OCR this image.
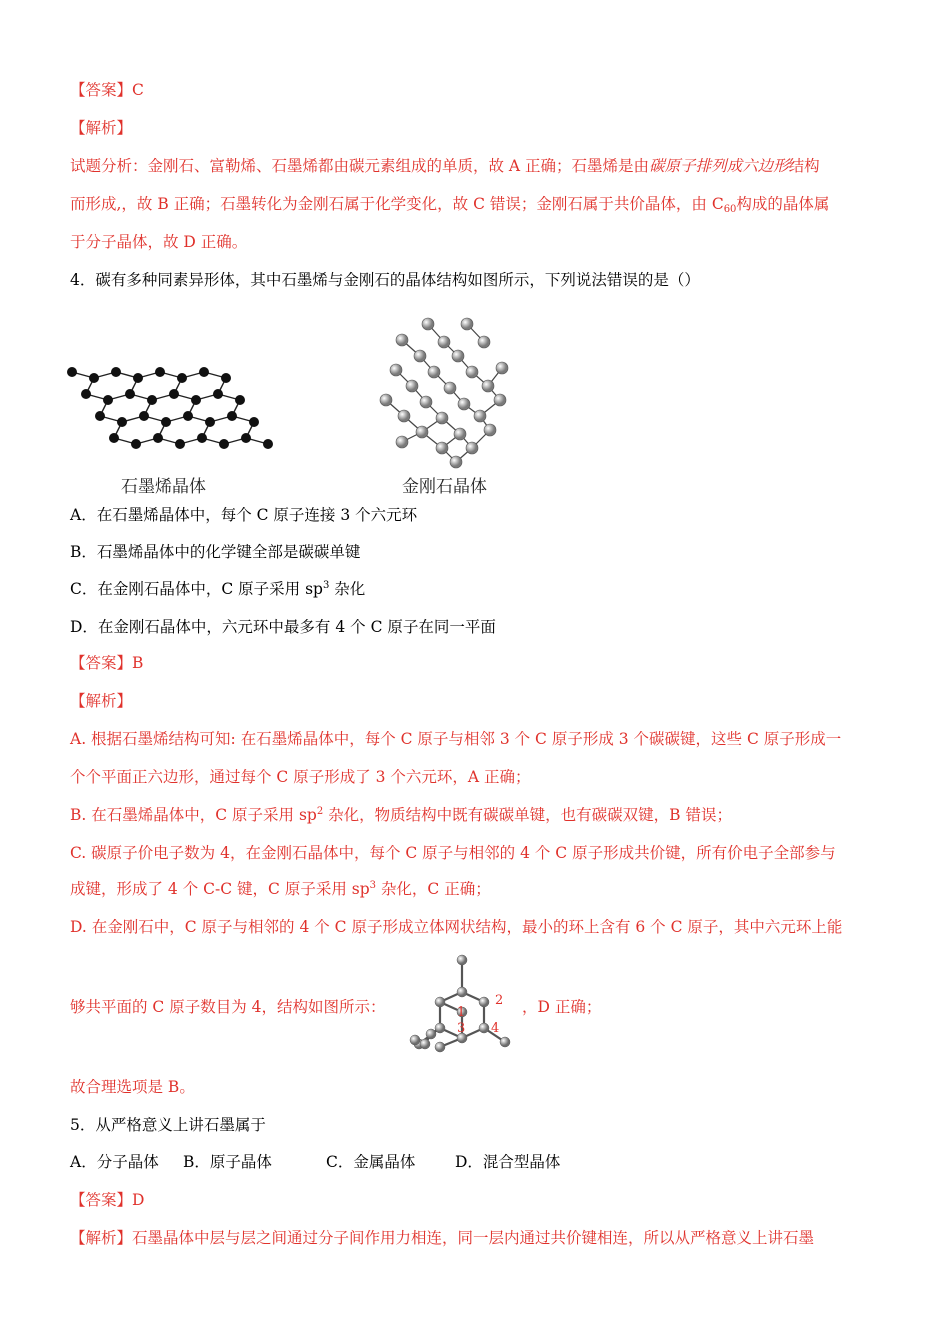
【答案】C
【解析】
试题分析：金刚石、富勒烯、石墨烯都由碳元素组成的单质，故 A 正确；石墨烯是由碳原子排列成六边形结构
而形成,，故 B 正确；石墨转化为金刚石属于化学变化，故 C 错误；金刚石属于共价晶体，由 $C_{60}$构成的晶体属
于分子晶体，故 D 正确。
4．碳有多种同素异形体，其中石墨烯与金刚石的晶体结构如图所示，下列说法错误的是（）
石墨烯晶体	金刚石晶体
A．在石墨烯晶体中，每个 C 原子连接 3 个六元环
B．石墨烯晶体中的化学键全部是碳碳单键
C．在金刚石晶体中，C 原子采用 $sp^3$ 杂化
D．在金刚石晶体中，六元环中最多有 4 个 C 原子在同一平面
【答案】B
【解析】
A. 根据石墨烯结构可知: 在石墨烯晶体中，每个 C 原子与相邻 3 个 C 原子形成 3 个碳碳键，这些 C 原子形成一
个个平面正六边形，通过每个 C 原子形成了 3 个六元环，A 正确；
B. 在石墨烯晶体中，C 原子采用 $sp^2$ 杂化，物质结构中既有碳碳单键，也有碳碳双键，B 错误；
C. 碳原子价电子数为 4，在金刚石晶体中，每个 C 原子与相邻的 4 个 C 原子形成共价键，所有价电子全部参与
成键，形成了 4 个 C-C 键，C 原子采用 $sp^3$ 杂化，C 正确；
D. 在金刚石中，C 原子与相邻的 4 个 C 原子形成立体网状结构，最小的环上含有 6 个 C 原子，其中六元环上能
够共平面的 C 原子数目为 4，结构如图所示：	，D 正确；
1
2
3 4
故合理选项是 B。
5．从严格意义上讲石墨属于
A．分子晶体 B．原子晶体	C．金属晶体	D．混合型晶体
【答案】D
【解析】石墨晶体中层与层之间通过分子间作用力相连，同一层内通过共价键相连，所以从严格意义上讲石墨
